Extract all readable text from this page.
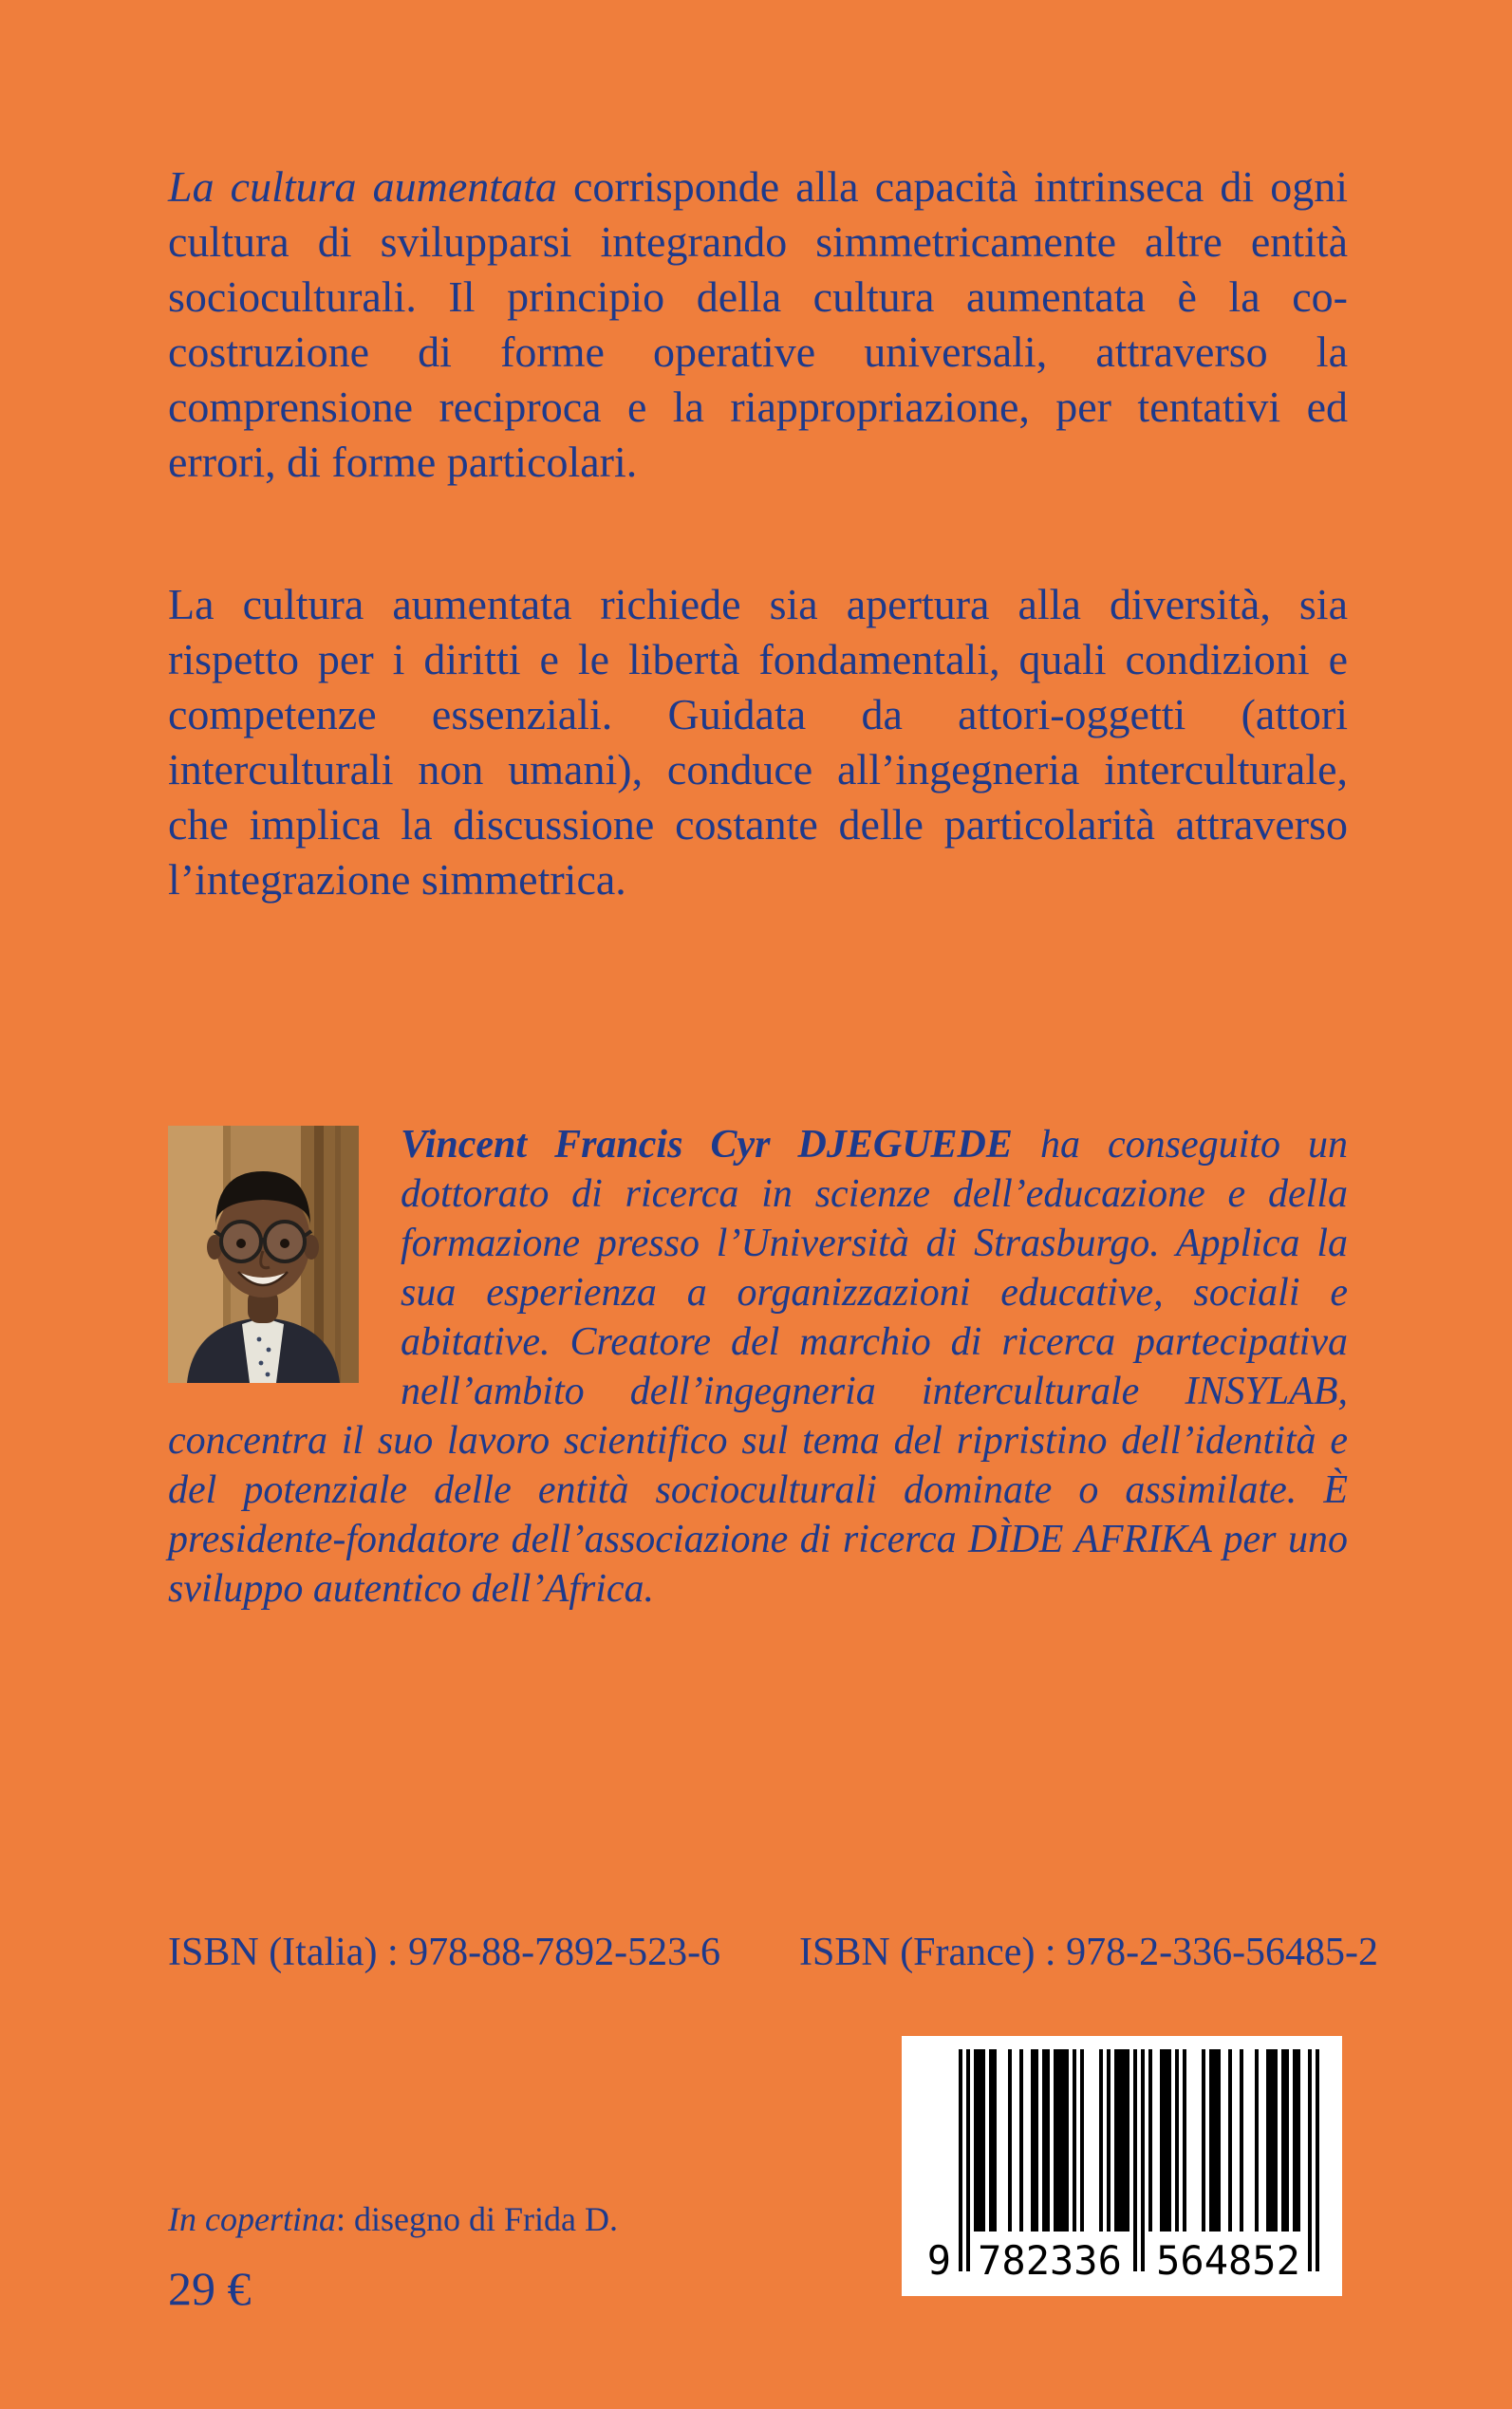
La cultura aumentata corrisponde alla capacità intrinseca di ogni cultura di svilupparsi integrando simmetricamente altre entità socioculturali. Il principio della cultura aumentata è la co-costruzione di forme operative universali, attraverso la comprensione reciproca e la riappropriazione, per tentativi ed errori, di forme particolari.

La cultura aumentata richiede sia apertura alla diversità, sia rispetto per i diritti e le libertà fondamentali, quali condizioni e competenze essenziali. Guidata da attori-oggetti (attori interculturali non umani), conduce all’ingegneria interculturale, che implica la discussione costante delle particolarità attraverso l’integrazione simmetrica.

Vincent Francis Cyr DJEGUEDE ha conseguito un dottorato di ricerca in scienze dell’educazione e della formazione presso l’Università di Strasburgo. Applica la sua esperienza a organizzazioni educative, sociali e abitative. Creatore del marchio di ricerca partecipativa nell’ambito dell’ingegneria interculturale INSYLAB, concentra il suo lavoro scientifico sul tema del ripristino dell’identità e del potenziale delle entità socioculturali dominate o assimilate. È presidente-fondatore dell’associazione di ricerca DÌDE AFRIKA per uno sviluppo autentico dell’Africa.
ISBN (Italia) : 978-88-7892-523-6 ISBN (France) : 978-2-336-56485-2
9 782336 564852
In copertina: disegno di Frida D.
29 €
